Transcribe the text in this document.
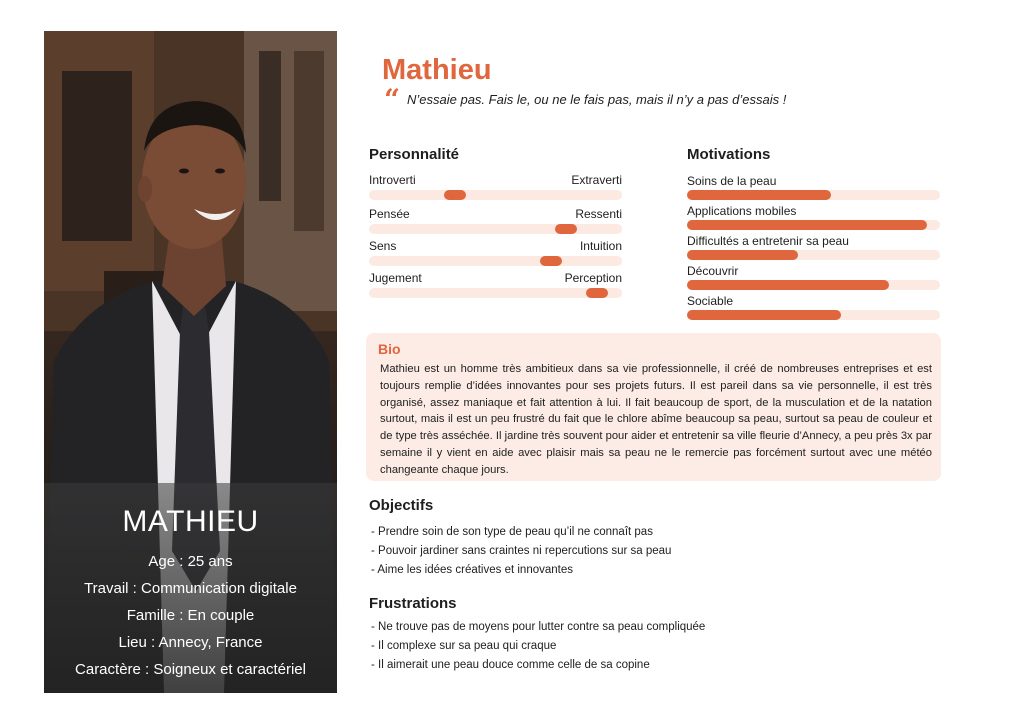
MATHIEU
Age : 25 ans
Travail : Communication digitale
Famille : En couple
Lieu : Annecy, France
Caractère : Soigneux et caractériel
Mathieu
“ N’essaie pas. Fais le, ou ne le fais pas, mais il n’y a pas d’essais !
Personnalité
Introverti	Extraverti
Pensée	Ressenti
Sens	Intuition
Jugement	Perception
Motivations
Soins de la peau
Applications mobiles
Difficultés a entretenir sa peau
Découvrir
Sociable
Bio
Mathieu est un homme très ambitieux dans sa vie professionnelle, il créé de nombreuses entreprises et est toujours remplie d’idées innovantes pour ses projets futurs. Il est pareil dans sa vie personnelle, il est très organisé, assez maniaque et fait attention à lui. Il fait beaucoup de sport, de la musculation et de la natation surtout, mais il est un peu frustré du fait que le chlore abîme beaucoup sa peau, surtout sa peau de couleur et de type très asséchée. Il jardine très souvent pour aider et entretenir sa ville fleurie d’Annecy, a peu près 3x par semaine il y vient en aide avec plaisir mais sa peau ne le remercie pas forcément surtout avec une météo changeante chaque jours.
Objectifs
- Prendre soin de son type de peau qu’il ne connaît pas
- Pouvoir jardiner sans craintes ni repercutions sur sa peau
- Aime les idées créatives et innovantes
Frustrations
- Ne trouve pas de moyens pour lutter contre sa peau compliquée
- Il complexe sur sa peau qui craque
- Il aimerait une peau douce comme celle de sa copine
